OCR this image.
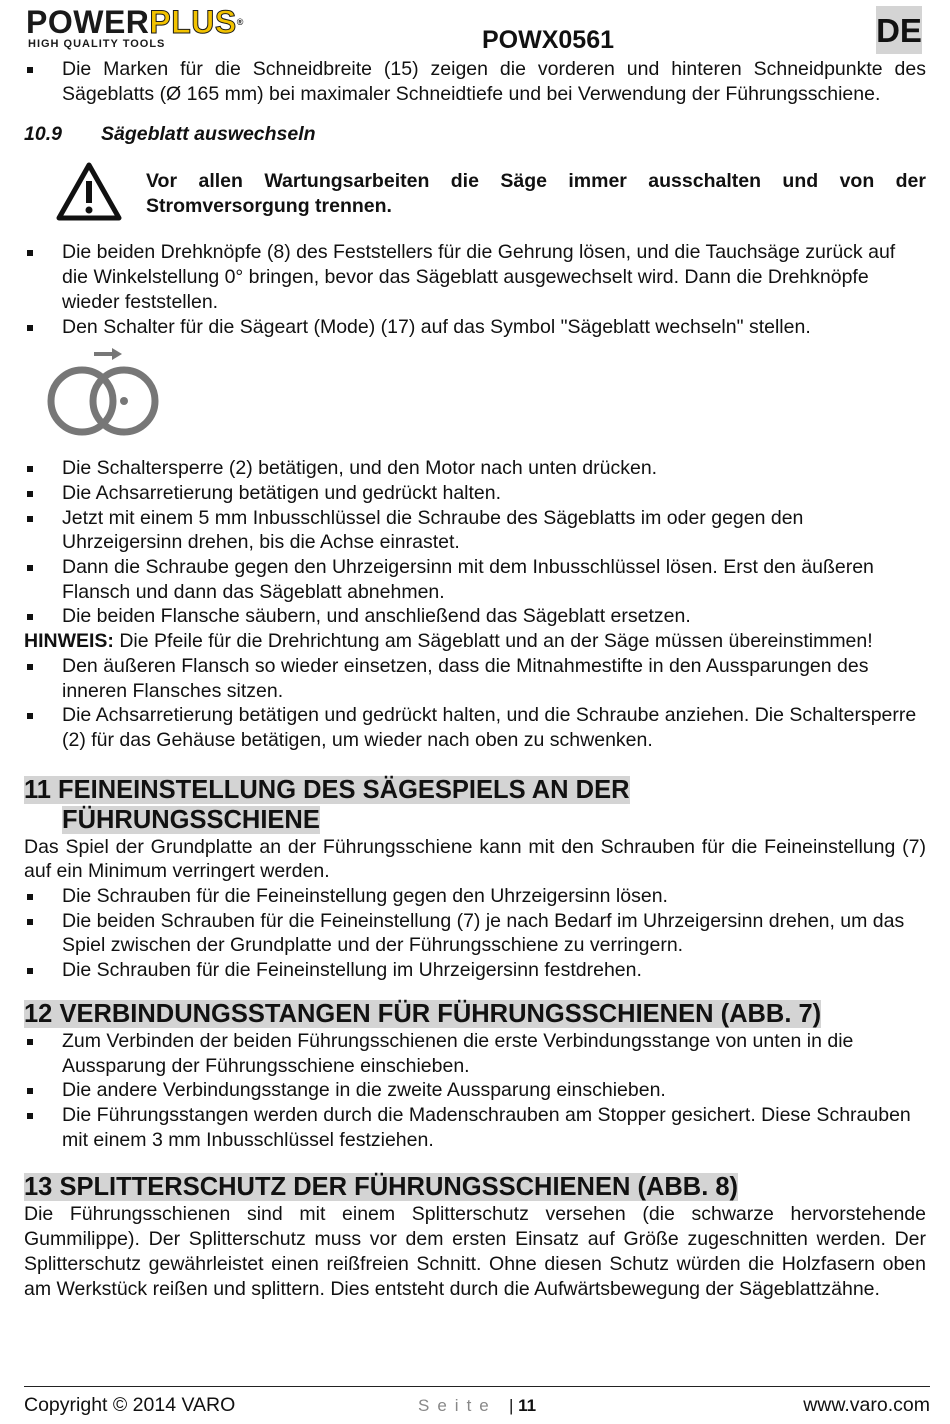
POWERPLUS®
HIGH QUALITY TOOLS	POWX0561	DE
Die Marken für die Schneidbreite (15) zeigen die vorderen und hinteren Schneidpunkte des Sägeblatts (Ø 165 mm) bei maximaler Schneidtiefe und bei Verwendung der Führungsschiene.
10.9	Sägeblatt auswechseln
Vor allen Wartungsarbeiten die Säge immer ausschalten und von der Stromversorgung trennen.
Die beiden Drehknöpfe (8) des Feststellers für die Gehrung lösen, und die Tauchsäge zurück auf die Winkelstellung 0° bringen, bevor das Sägeblatt ausgewechselt wird. Dann die Drehknöpfe wieder feststellen.
Den Schalter für die Sägeart (Mode) (17) auf das Symbol "Sägeblatt wechseln" stellen.
Die Schaltersperre (2) betätigen, und den Motor nach unten drücken.
Die Achsarretierung betätigen und gedrückt halten.
Jetzt mit einem 5 mm Inbusschlüssel die Schraube des Sägeblatts im oder gegen den Uhrzeigersinn drehen, bis die Achse einrastet.
Dann die Schraube gegen den Uhrzeigersinn mit dem Inbusschlüssel lösen. Erst den äußeren Flansch und dann das Sägeblatt abnehmen.
Die beiden Flansche säubern, und anschließend das Sägeblatt ersetzen.
HINWEIS: Die Pfeile für die Drehrichtung am Sägeblatt und an der Säge müssen übereinstimmen!
Den äußeren Flansch so wieder einsetzen, dass die Mitnahmestifte in den Aussparungen des inneren Flansches sitzen.
Die Achsarretierung betätigen und gedrückt halten, und die Schraube anziehen. Die Schaltersperre (2) für das Gehäuse betätigen, um wieder nach oben zu schwenken.
11 FEINEINSTELLUNG DES SÄGESPIELS AN DER
FÜHRUNGSSCHIENE
Das Spiel der Grundplatte an der Führungsschiene kann mit den Schrauben für die Feineinstellung (7) auf ein Minimum verringert werden.
Die Schrauben für die Feineinstellung gegen den Uhrzeigersinn lösen.
Die beiden Schrauben für die Feineinstellung (7) je nach Bedarf im Uhrzeigersinn drehen, um das Spiel zwischen der Grundplatte und der Führungsschiene zu verringern.
Die Schrauben für die Feineinstellung im Uhrzeigersinn festdrehen.
12 VERBINDUNGSSTANGEN FÜR FÜHRUNGSSCHIENEN (ABB. 7)
Zum Verbinden der beiden Führungsschienen die erste Verbindungsstange von unten in die Aussparung der Führungsschiene einschieben.
Die andere Verbindungsstange in die zweite Aussparung einschieben.
Die Führungsstangen werden durch die Madenschrauben am Stopper gesichert. Diese Schrauben mit einem 3 mm Inbusschlüssel festziehen.
13 SPLITTERSCHUTZ DER FÜHRUNGSSCHIENEN (ABB. 8)
Die Führungsschienen sind mit einem Splitterschutz versehen (die schwarze hervorstehende Gummilippe). Der Splitterschutz muss vor dem ersten Einsatz auf Größe zugeschnitten werden. Der Splitterschutz gewährleistet einen reißfreien Schnitt. Ohne diesen Schutz würden die Holzfasern oben am Werkstück reißen und splittern. Dies entsteht durch die Aufwärtsbewegung der Sägeblattzähne.
Copyright © 2014 VARO	Seite | 11	www.varo.com
